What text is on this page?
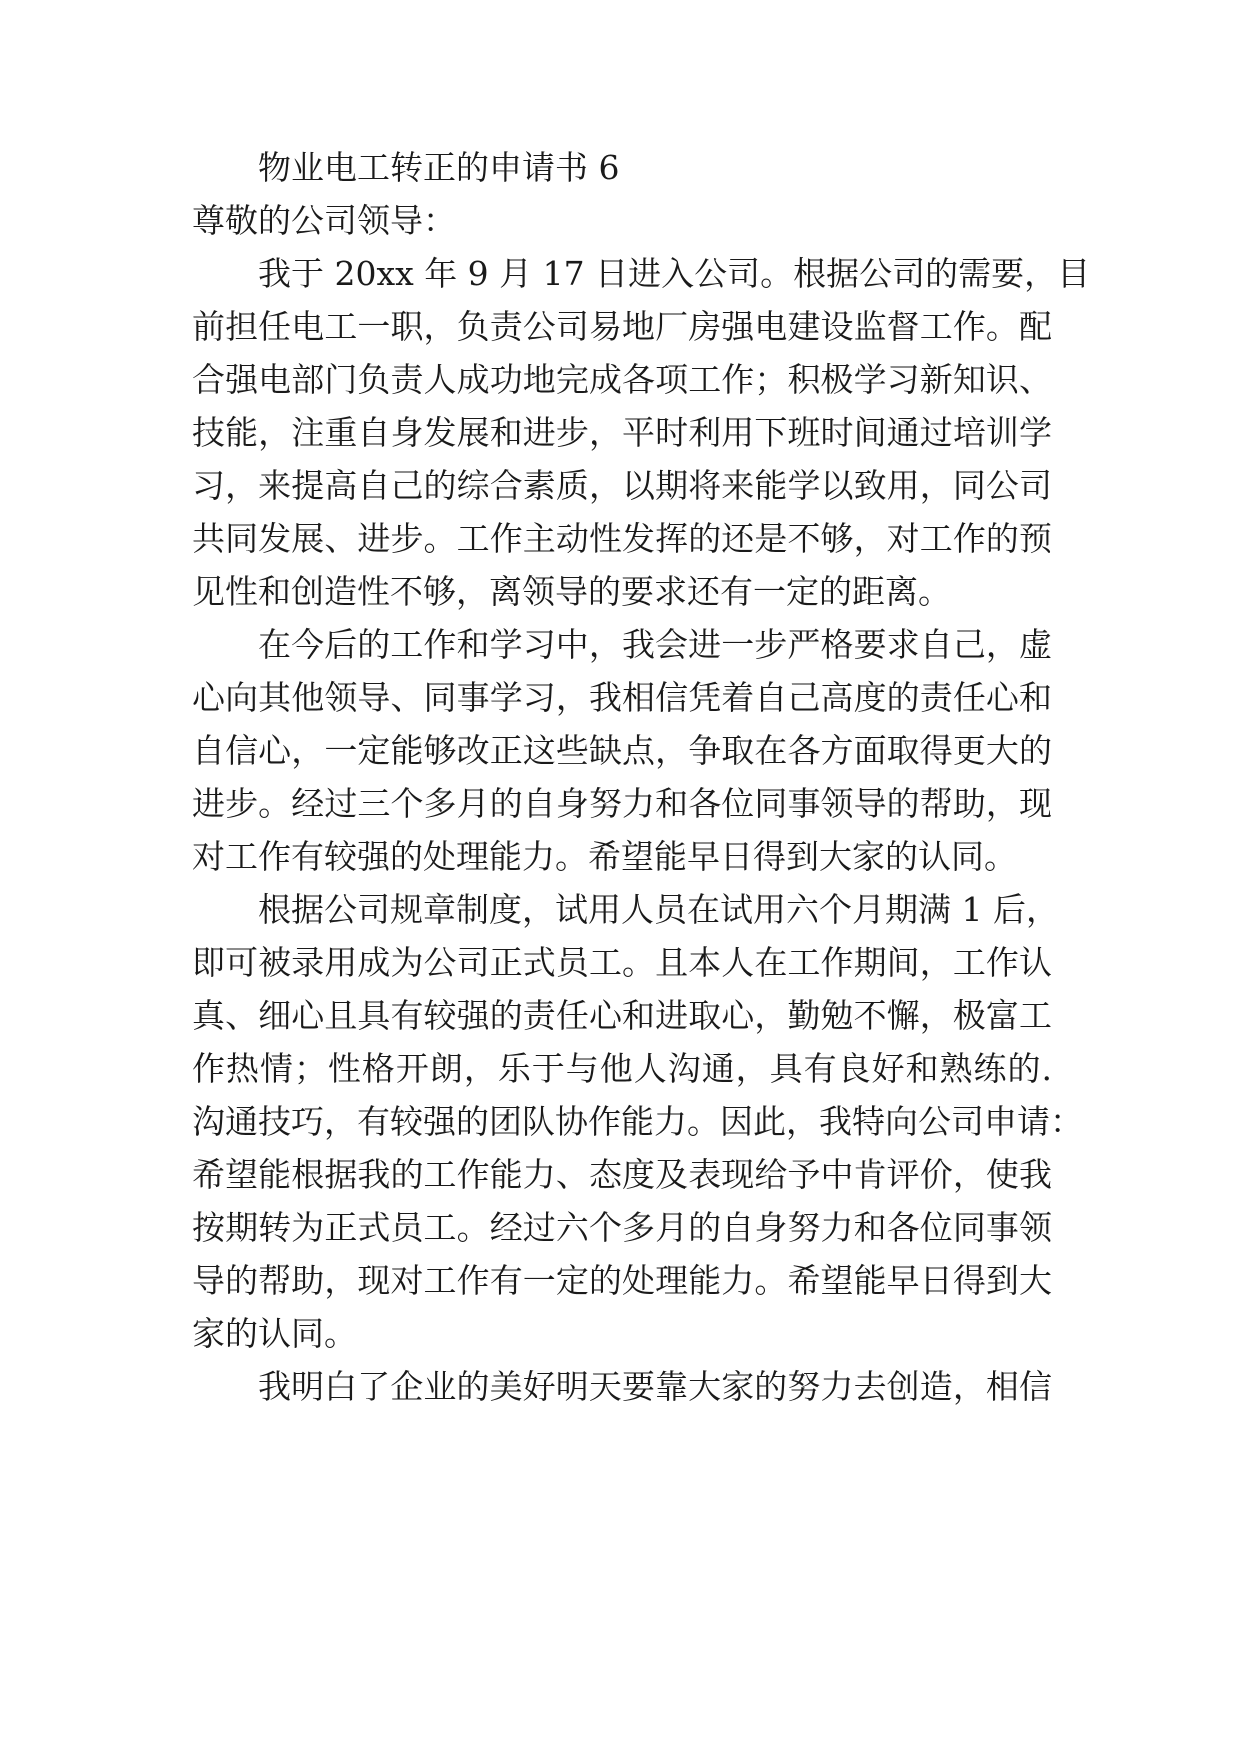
物业电工转正的申请书 6
尊敬的公司领导：
我于 20xx 年 9 月 17 日进入公司。根据公司的需要，目
前担任电工一职，负责公司易地厂房强电建设监督工作。配
合强电部门负责人成功地完成各项工作；积极学习新知识、
技能，注重自身发展和进步，平时利用下班时间通过培训学
习，来提高自己的综合素质，以期将来能学以致用，同公司
共同发展、进步。工作主动性发挥的还是不够，对工作的预
见性和创造性不够，离领导的要求还有一定的距离。
在今后的工作和学习中，我会进一步严格要求自己，虚
心向其他领导、同事学习，我相信凭着自己高度的责任心和
自信心，一定能够改正这些缺点，争取在各方面取得更大的
进步。经过三个多月的自身努力和各位同事领导的帮助，现
对工作有较强的处理能力。希望能早日得到大家的认同。
根据公司规章制度，试用人员在试用六个月期满 1 后，
即可被录用成为公司正式员工。且本人在工作期间，工作认
真、细心且具有较强的责任心和进取心，勤勉不懈，极富工
作热情；性格开朗，乐于与他人沟通，具有良好和熟练的.
沟通技巧，有较强的团队协作能力。因此，我特向公司申请：
希望能根据我的工作能力、态度及表现给予中肯评价，使我
按期转为正式员工。经过六个多月的自身努力和各位同事领
导的帮助，现对工作有一定的处理能力。希望能早日得到大
家的认同。
我明白了企业的美好明天要靠大家的努力去创造，相信
